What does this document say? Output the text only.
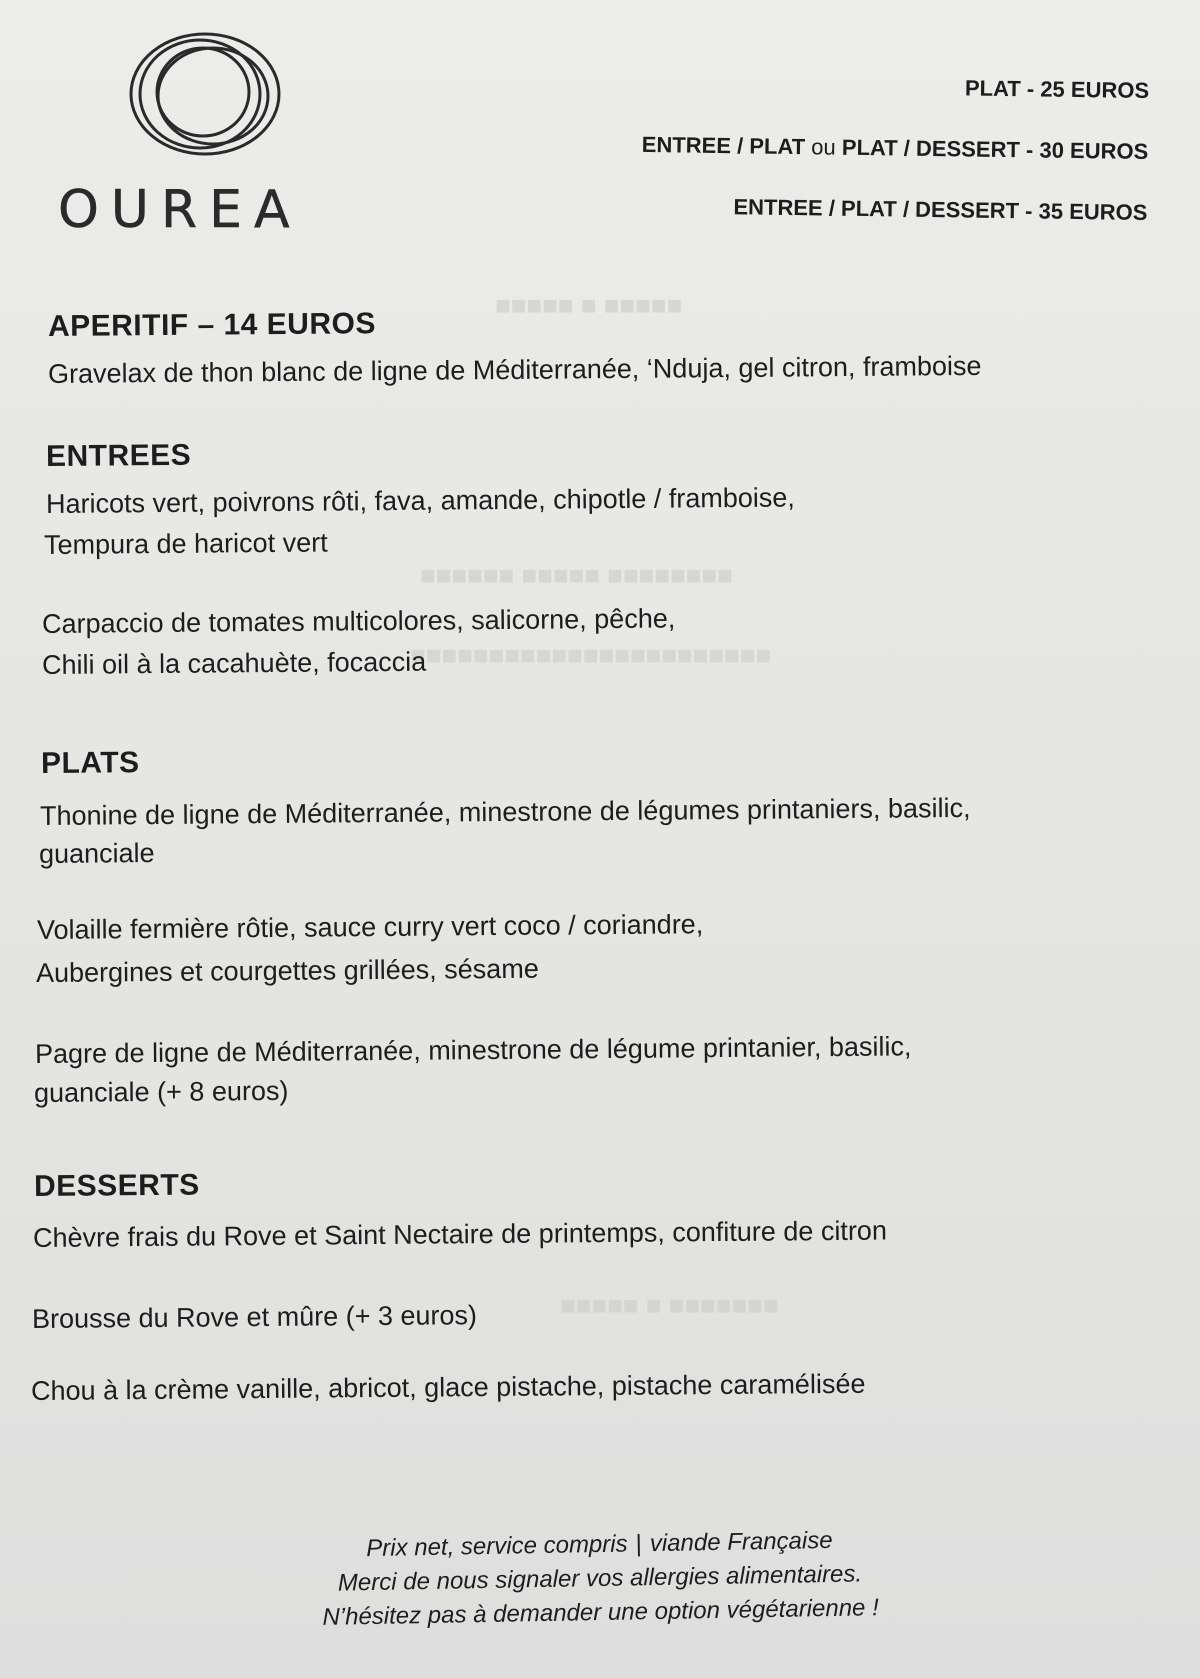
■■■■■ ■ ■■■■■
■■■■■■■■ ■■■■■ ■■■■■■
■■■■■■■■■■■■■■■■■■■■■■■
■■■■■■■ ■ ■■■■■
OUREA
PLAT - 25 EUROS
ENTREE / PLAT ou PLAT / DESSERT - 30 EUROS
ENTREE / PLAT / DESSERT - 35 EUROS
APERITIF – 14 EUROS
Gravelax de thon blanc de ligne de Méditerranée, ‘Nduja, gel citron, framboise
ENTREES
Haricots vert, poivrons rôti, fava, amande, chipotle / framboise,
Tempura de haricot vert
Carpaccio de tomates multicolores, salicorne, pêche,
Chili oil à la cacahuète, focaccia
PLATS
Thonine de ligne de Méditerranée, minestrone de légumes printaniers, basilic,
guanciale
Volaille fermière rôtie, sauce curry vert coco / coriandre,
Aubergines et courgettes grillées, sésame
Pagre de ligne de Méditerranée, minestrone de légume printanier, basilic,
guanciale (+ 8 euros)
DESSERTS
Chèvre frais du Rove et Saint Nectaire de printemps, confiture de citron
Brousse du Rove et mûre (+ 3 euros)
Chou à la crème vanille, abricot, glace pistache, pistache caramélisée
Prix net, service compris | viande Française
Merci de nous signaler vos allergies alimentaires.
N’hésitez pas à demander une option végétarienne !
